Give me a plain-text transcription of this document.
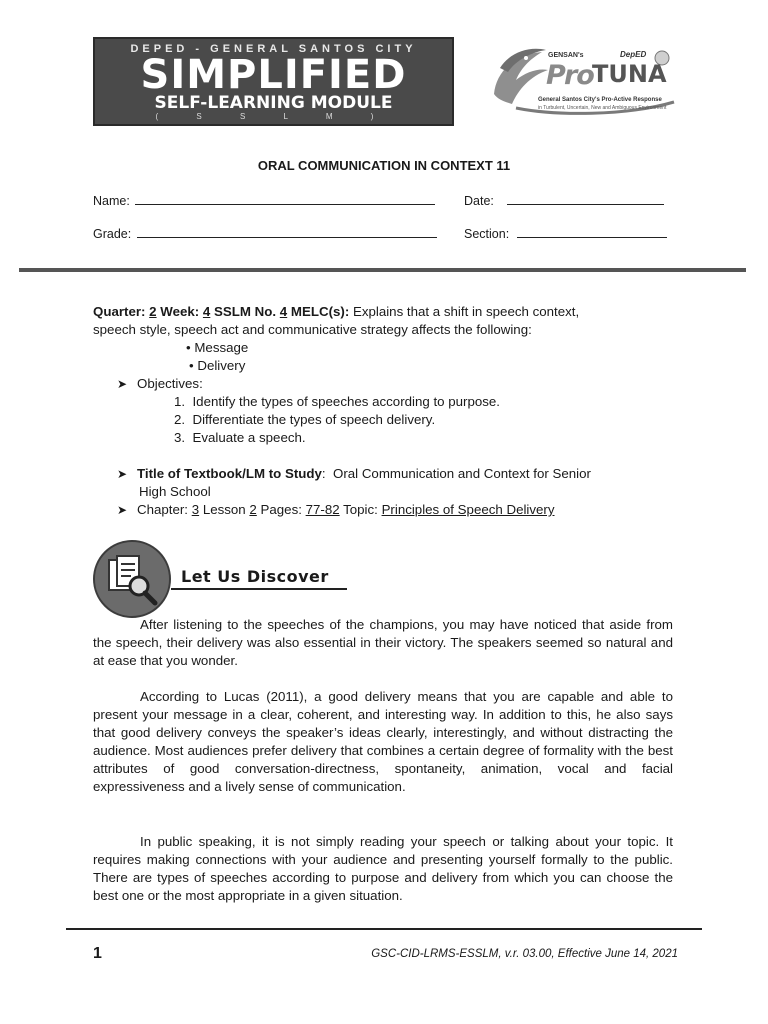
DEPED - GENERAL SANTOS CITY
SIMPLIFIED
SELF-LEARNING MODULE
( S S L M )
GENSAN's	DepED
Pro
TUNA
General Santos City's Pro-Active Response
in Turbulent, Uncertain, New and Ambiguous Environment
ORAL COMMUNICATION IN CONTEXT 11
Name:	Date:
Grade:	Section:
Quarter: 2 Week: 4 SSLM No. 4 MELC(s): Explains that a shift in speech context,
speech style, speech act and communicative strategy affects the following:
• Message
• Delivery
➤ Objectives:
1.  Identify the types of speeches according to purpose.
2.  Differentiate the types of speech delivery.
3.  Evaluate a speech.
➤ Title of Textbook/LM to Study: Oral Communication and Context for Senior
High School
➤ Chapter: 3 Lesson 2 Pages: 77-82 Topic: Principles of Speech Delivery
Let Us Discover
After listening to the speeches of the champions, you may have noticed that aside from the speech, their delivery was also essential in their victory. The speakers seemed so natural and at ease that you wonder.
According to Lucas (2011), a good delivery means that you are capable and able to present your message in a clear, coherent, and interesting way. In addition to this, he also says that good delivery conveys the speaker’s ideas clearly, interestingly, and without distracting the audience. Most audiences prefer delivery that combines a certain degree of formality with the best attributes of good conversation-directness, spontaneity, animation, vocal and facial expressiveness and a lively sense of communication.
In public speaking, it is not simply reading your speech or talking about your topic. It requires making connections with your audience and presenting yourself formally to the public. There are types of speeches according to purpose and delivery from which you can choose the best one or the most appropriate in a given situation.
1	GSC-CID-LRMS-ESSLM, v.r. 03.00, Effective June 14, 2021
